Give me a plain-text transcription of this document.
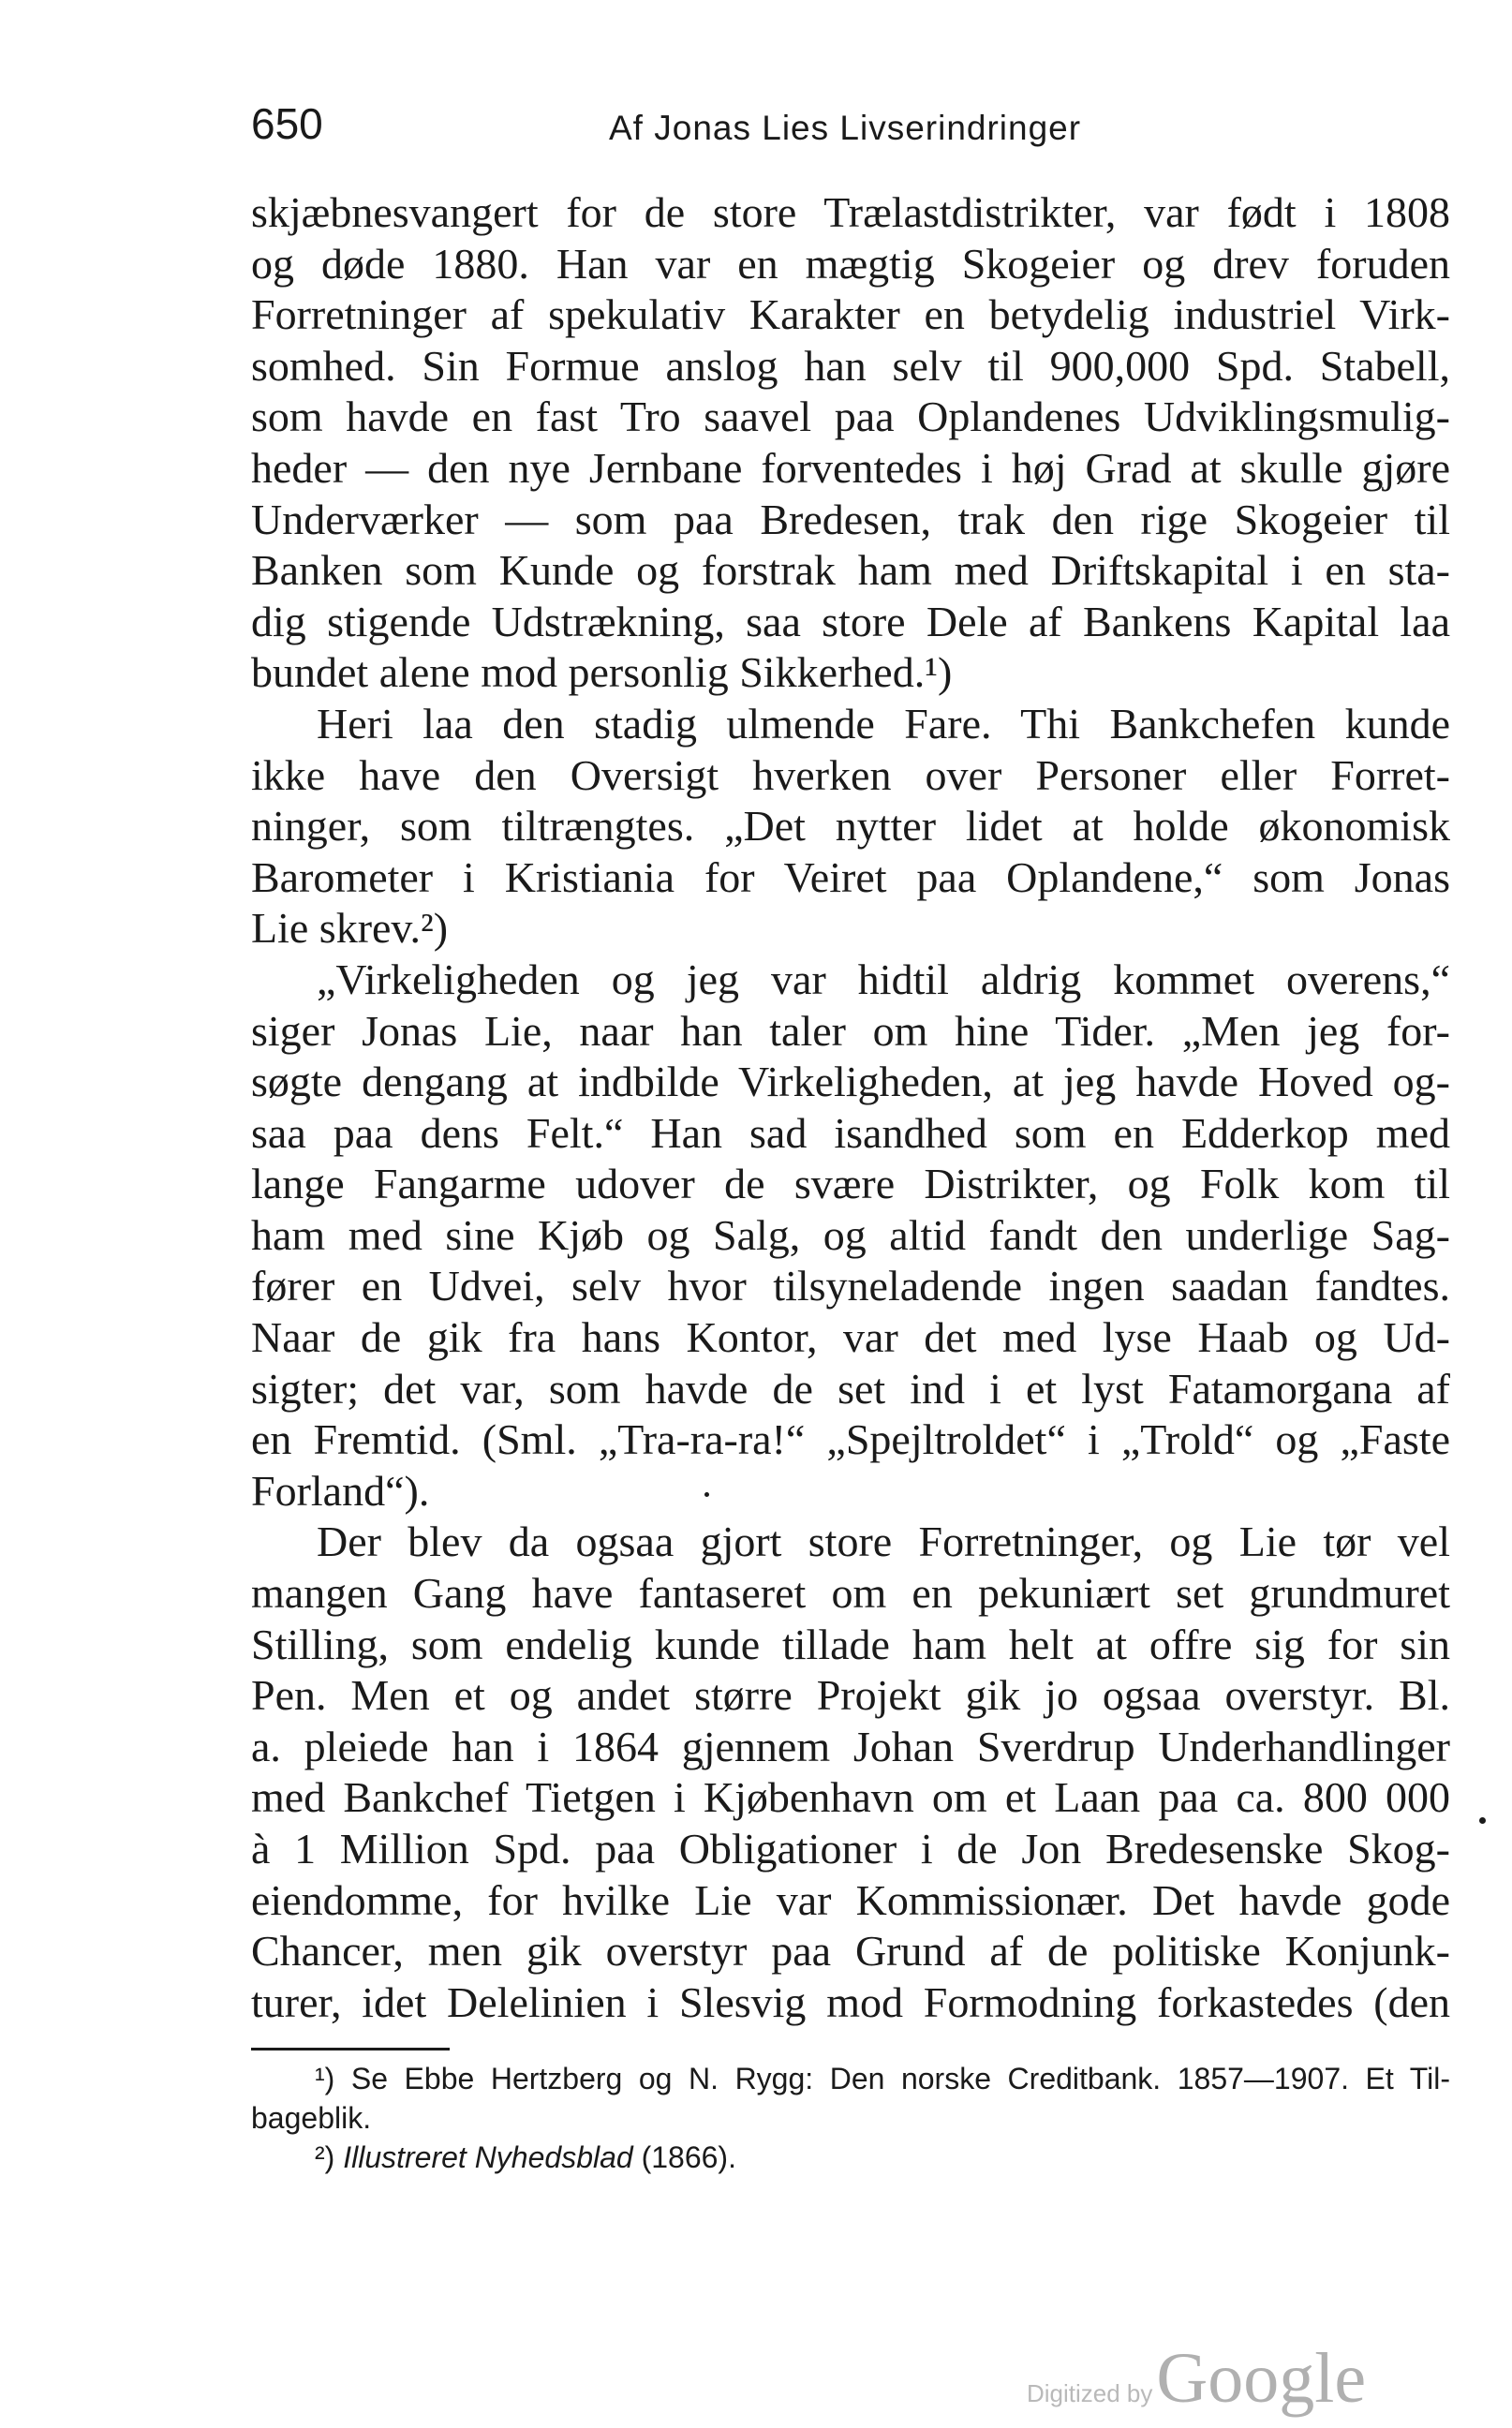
650	Af Jonas Lies Livserindringer
skjæbnesvangert for de store Trælastdistrikter, var født i 1808
og døde 1880. Han var en mægtig Skogeier og drev foruden
Forretninger af spekulativ Karakter en betydelig industriel Virk-
somhed. Sin Formue anslog han selv til 900,000 Spd. Stabell,
som havde en fast Tro saavel paa Oplandenes Udviklingsmulig-
heder — den nye Jernbane forventedes i høj Grad at skulle gjøre
Underværker — som paa Bredesen, trak den rige Skogeier til
Banken som Kunde og forstrak ham med Driftskapital i en sta-
dig stigende Udstrækning, saa store Dele af Bankens Kapital laa
bundet alene mod personlig Sikkerhed.¹)
Heri laa den stadig ulmende Fare. Thi Bankchefen kunde
ikke have den Oversigt hverken over Personer eller Forret-
ninger, som tiltrængtes. „Det nytter lidet at holde økonomisk
Barometer i Kristiania for Veiret paa Oplandene,“ som Jonas
Lie skrev.²)
„Virkeligheden og jeg var hidtil aldrig kommet overens,“
siger Jonas Lie, naar han taler om hine Tider. „Men jeg for-
søgte dengang at indbilde Virkeligheden, at jeg havde Hoved og-
saa paa dens Felt.“ Han sad isandhed som en Edderkop med
lange Fangarme udover de svære Distrikter, og Folk kom til
ham med sine Kjøb og Salg, og altid fandt den underlige Sag-
fører en Udvei, selv hvor tilsyneladende ingen saadan fandtes.
Naar de gik fra hans Kontor, var det med lyse Haab og Ud-
sigter; det var, som havde de set ind i et lyst Fatamorgana af
en Fremtid. (Sml. „Tra-ra-ra!“ „Spejltroldet“ i „Trold“ og „Faste
Forland“).
Der blev da ogsaa gjort store Forretninger, og Lie tør vel
mangen Gang have fantaseret om en pekuniært set grundmuret
Stilling, som endelig kunde tillade ham helt at offre sig for sin
Pen. Men et og andet større Projekt gik jo ogsaa overstyr. Bl.
a. pleiede han i 1864 gjennem Johan Sverdrup Underhandlinger
med Bankchef Tietgen i Kjøbenhavn om et Laan paa ca. 800 000
à 1 Million Spd. paa Obligationer i de Jon Bredesenske Skog-
eiendomme, for hvilke Lie var Kommissionær. Det havde gode
Chancer, men gik overstyr paa Grund af de politiske Konjunk-
turer, idet Delelinien i Slesvig mod Formodning forkastedes (den
¹) Se Ebbe Hertzberg og N. Rygg: Den norske Creditbank. 1857—1907. Et Til-
bageblik.
²) Illustreret Nyhedsblad (1866).
Digitized by Google
